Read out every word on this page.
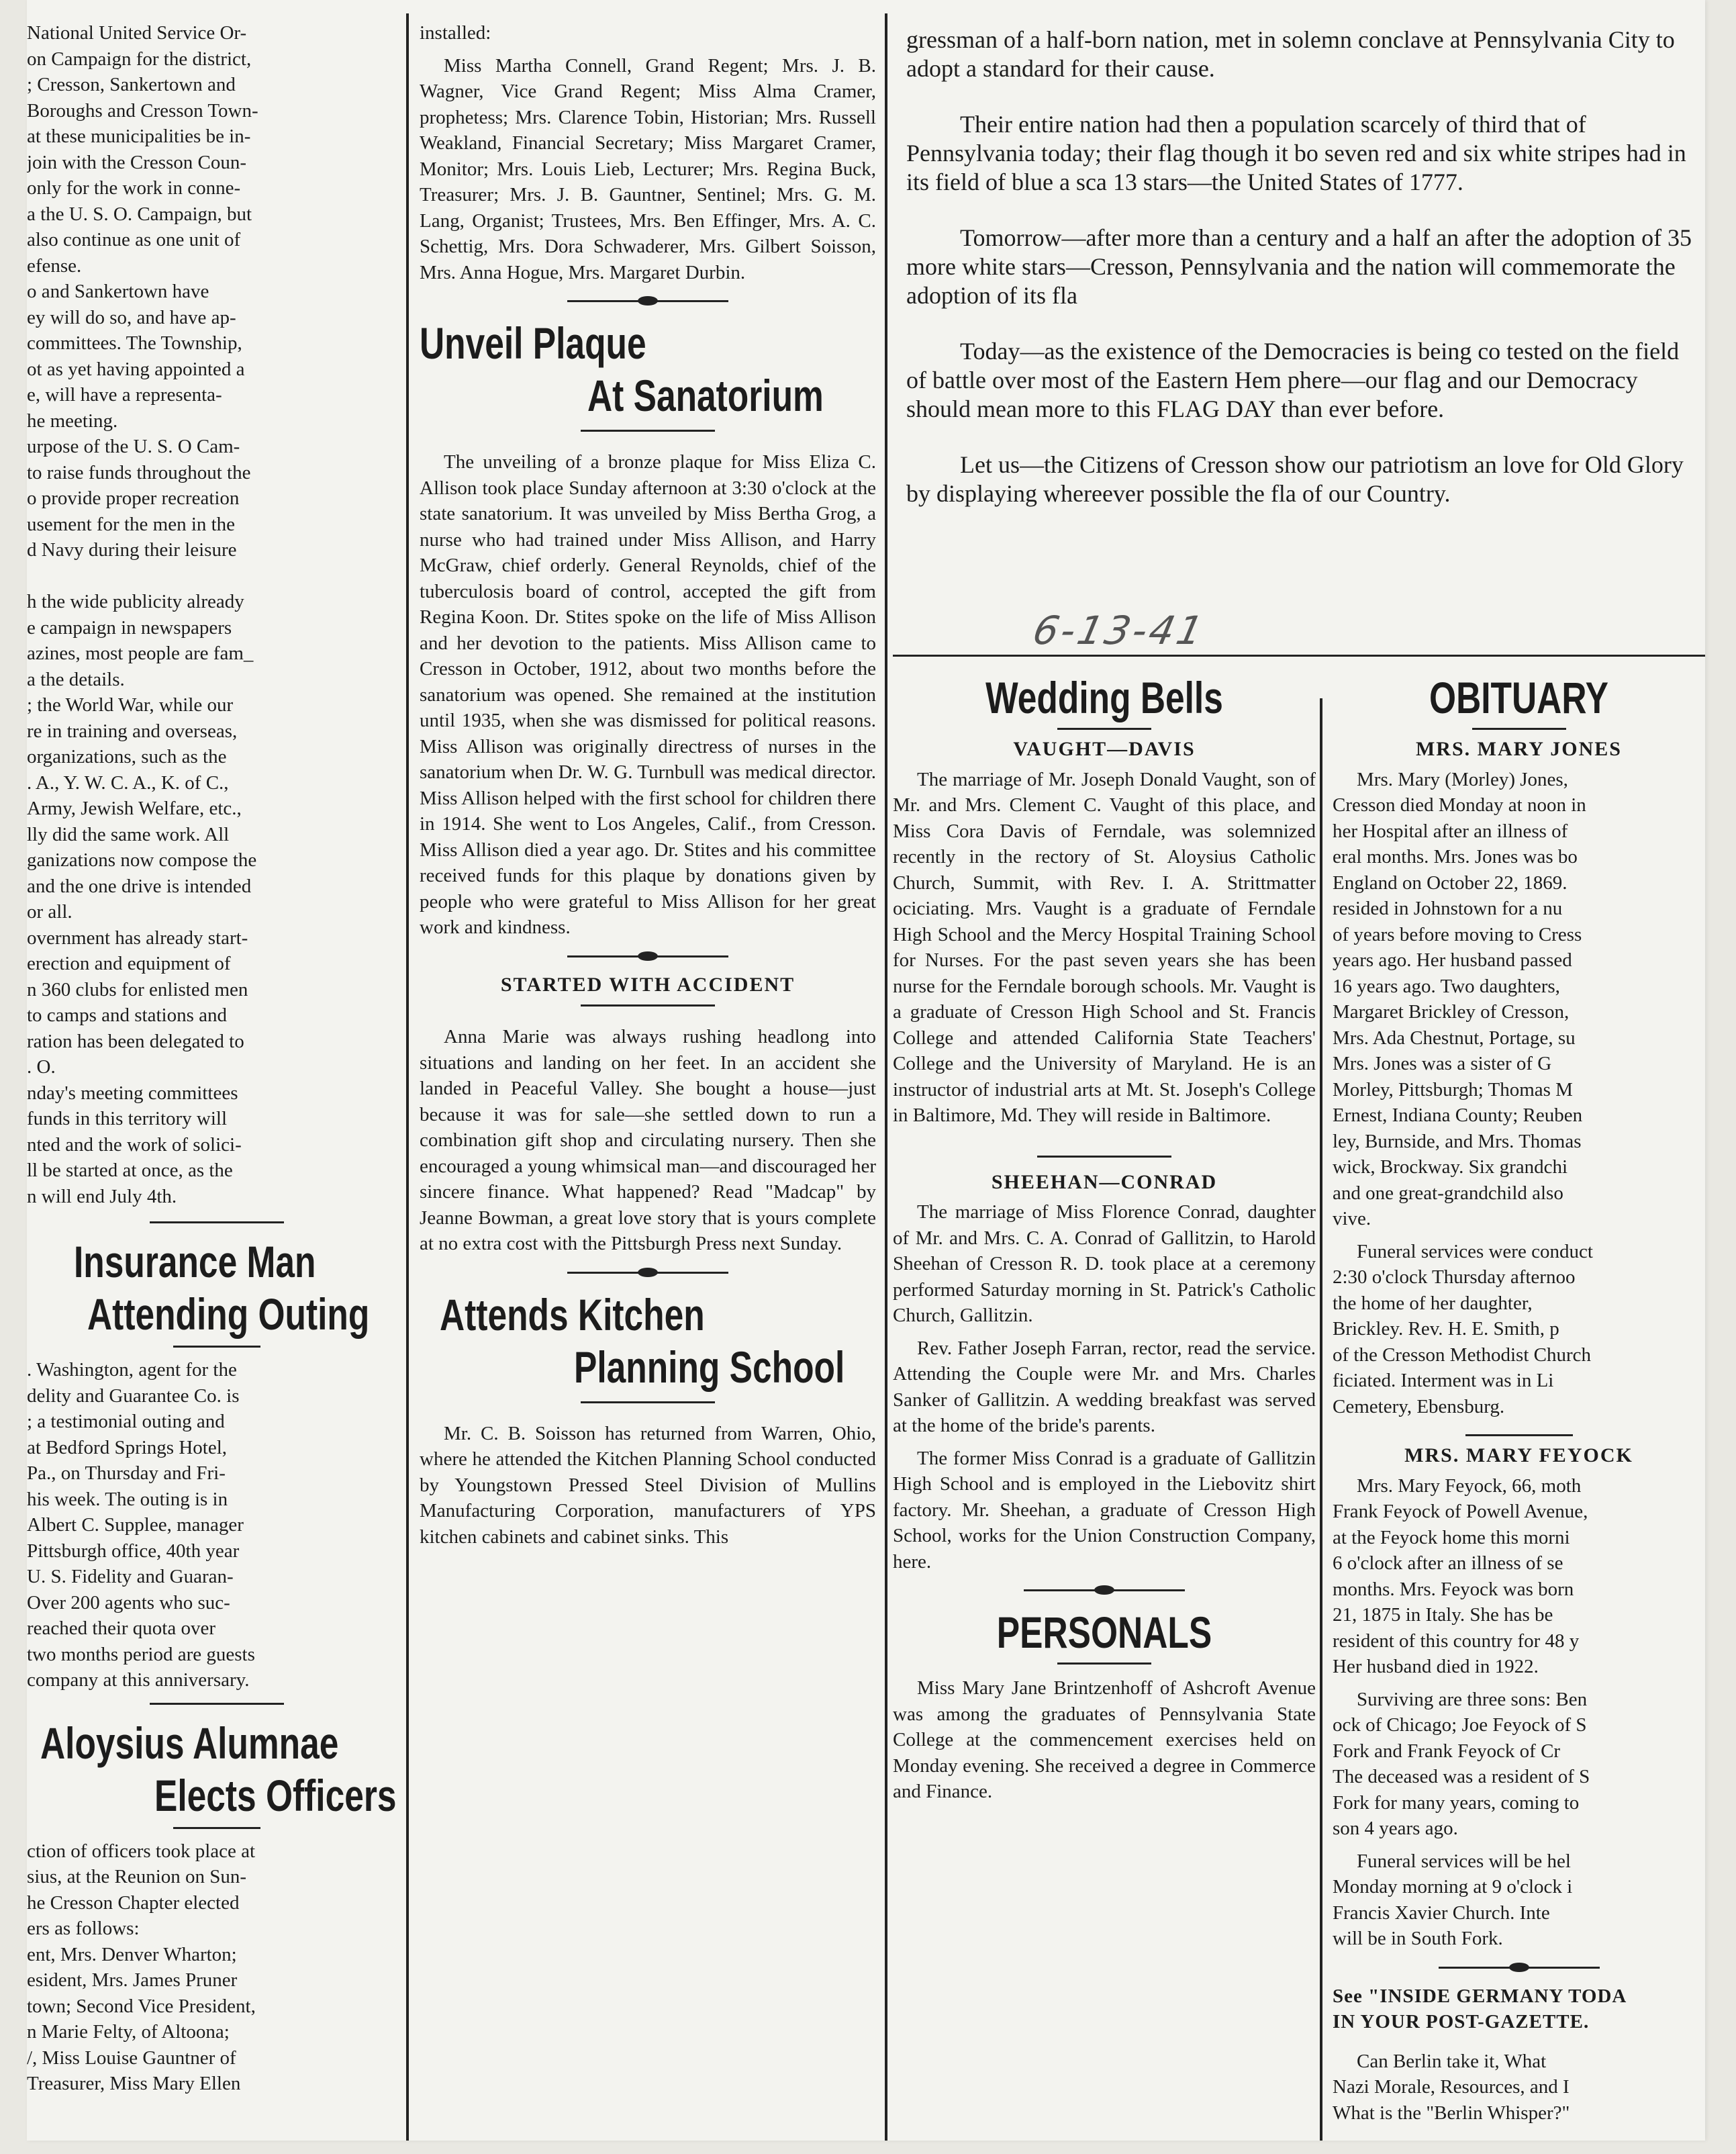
National United Service Or-
on Campaign for the district,
; Cresson, Sankertown and
Boroughs and Cresson Town-
at these municipalities be in-
join with the Cresson Coun-
only for the work in conne-
a the U. S. O. Campaign, but
also continue as one unit of
efense.
o and Sankertown have
ey will do so, and have ap-
committees. The Township,
ot as yet having appointed a
e, will have a representa-
he meeting.
urpose of the U. S. O Cam-
to raise funds throughout the
o provide proper recreation
usement for the men in the
d Navy during their leisure
h the wide publicity already
e campaign in newspapers
azines, most people are fam_
a the details.
; the World War, while our
re in training and overseas,
organizations, such as the
. A., Y. W. C. A., K. of C.,
Army, Jewish Welfare, etc.,
lly did the same work. All
ganizations now compose the
and the one drive is intended
or all.
overnment has already start-
erection and equipment of
n 360 clubs for enlisted men
to camps and stations and
ration has been delegated to
. O.
nday's meeting committees
funds in this territory will
nted and the work of solici-
ll be started at once, as the
n will end July 4th.
Insurance Man
Attending Outing
. Washington, agent for the
delity and Guarantee Co. is
; a testimonial outing and
at Bedford Springs Hotel,
Pa., on Thursday and Fri-
his week. The outing is in
Albert C. Supplee, manager
Pittsburgh office, 40th year
U. S. Fidelity and Guaran-
Over 200 agents who suc-
reached their quota over
two months period are guests
company at this anniversary.
Aloysius Alumnae
Elects Officers
ction of officers took place at
sius, at the Reunion on Sun-
he Cresson Chapter elected
ers as follows:
ent, Mrs. Denver Wharton;
esident, Mrs. James Pruner
town; Second Vice President,
n Marie Felty, of Altoona;
/, Miss Louise Gauntner of
Treasurer, Miss Mary Ellen

installed:

Miss Martha Connell, Grand Regent; Mrs. J. B. Wagner, Vice Grand Regent; Miss Alma Cramer, prophetess; Mrs. Clarence Tobin, Historian; Mrs. Russell Weakland, Financial Secretary; Miss Margaret Cramer, Monitor; Mrs. Louis Lieb, Lecturer; Mrs. Regina Buck, Treasurer; Mrs. J. B. Gauntner, Sentinel; Mrs. G. M. Lang, Organist; Trustees, Mrs. Ben Effinger, Mrs. A. C. Schettig, Mrs. Dora Schwaderer, Mrs. Gilbert Soisson, Mrs. Anna Hogue, Mrs. Margaret Durbin.

Unveil Plaque
At Sanatorium

The unveiling of a bronze plaque for Miss Eliza C. Allison took place Sunday afternoon at 3:30 o'clock at the state sanatorium. It was unveiled by Miss Bertha Grog, a nurse who had trained under Miss Allison, and Harry McGraw, chief orderly. General Reynolds, chief of the tuberculosis board of control, accepted the gift from Regina Koon. Dr. Stites spoke on the life of Miss Allison and her devotion to the patients. Miss Allison came to Cresson in October, 1912, about two months before the sanatorium was opened. She remained at the institution until 1935, when she was dismissed for political reasons. Miss Allison was originally directress of nurses in the sanatorium when Dr. W. G. Turnbull was medical director. Miss Allison helped with the first school for children there in 1914. She went to Los Angeles, Calif., from Cresson. Miss Allison died a year ago. Dr. Stites and his committee received funds for this plaque by donations given by people who were grateful to Miss Allison for her great work and kindness.

STARTED WITH ACCIDENT

Anna Marie was always rushing headlong into situations and landing on her feet. In an accident she landed in Peaceful Valley. She bought a house—just because it was for sale—she settled down to run a combination gift shop and circulating nursery. Then she encouraged a young whimsical man—and discouraged her sincere finance. What happened? Read "Madcap" by Jeanne Bowman, a great love story that is yours complete at no extra cost with the Pittsburgh Press next Sunday.

Attends Kitchen
Planning School

Mr. C. B. Soisson has returned from Warren, Ohio, where he attended the Kitchen Planning School conducted by Youngstown Pressed Steel Division of Mullins Manufacturing Corporation, manufacturers of YPS kitchen cabinets and cabinet sinks. This

gressman of a half-born nation, met in solemn conclave at Pennsylvania City to adopt a standard for their cause.

Their entire nation had then a population scarcely of third that of Pennsylvania today; their flag though it bo seven red and six white stripes had in its field of blue a sca 13 stars—the United States of 1777.

Tomorrow—after more than a century and a half an after the adoption of 35 more white stars—Cresson, Pennsylvania and the nation will commemorate the adoption of its fla

Today—as the existence of the Democracies is being co tested on the field of battle over most of the Eastern Hem phere—our flag and our Democracy should mean more to this FLAG DAY than ever before.

Let us—the Citizens of Cresson show our patriotism an love for Old Glory by displaying whereever possible the fla of our Country.

6-13-41
Wedding Bells
VAUGHT—DAVIS

The marriage of Mr. Joseph Donald Vaught, son of Mr. and Mrs. Clement C. Vaught of this place, and Miss Cora Davis of Ferndale, was solemnized recently in the rectory of St. Aloysius Catholic Church, Summit, with Rev. I. A. Strittmatter ociciating. Mrs. Vaught is a graduate of Ferndale High School and the Mercy Hospital Training School for Nurses. For the past seven years she has been nurse for the Ferndale borough schools. Mr. Vaught is a graduate of Cresson High School and St. Francis College and attended California State Teachers' College and the University of Maryland. He is an instructor of industrial arts at Mt. St. Joseph's College in Baltimore, Md. They will reside in Baltimore.

SHEEHAN—CONRAD

The marriage of Miss Florence Conrad, daughter of Mr. and Mrs. C. A. Conrad of Gallitzin, to Harold Sheehan of Cresson R. D. took place at a ceremony performed Saturday morning in St. Patrick's Catholic Church, Gallitzin.

Rev. Father Joseph Farran, rector, read the service. Attending the Couple were Mr. and Mrs. Charles Sanker of Gallitzin. A wedding breakfast was served at the home of the bride's parents.

The former Miss Conrad is a graduate of Gallitzin High School and is employed in the Liebovitz shirt factory. Mr. Sheehan, a graduate of Cresson High School, works for the Union Construction Company, here.

PERSONALS

Miss Mary Jane Brintzenhoff of Ashcroft Avenue was among the graduates of Pennsylvania State College at the commencement exercises held on Monday evening. She received a degree in Commerce and Finance.

OBITUARY
MRS. MARY JONES
Mrs. Mary (Morley) Jones,
Cresson died Monday at noon in
her Hospital after an illness of
eral months. Mrs. Jones was bo
England on October 22, 1869.
resided in Johnstown for a nu
of years before moving to Cress
years ago. Her husband passed
16 years ago. Two daughters,
Margaret Brickley of Cresson,
Mrs. Ada Chestnut, Portage, su
Mrs. Jones was a sister of G
Morley, Pittsburgh; Thomas M
Ernest, Indiana County; Reuben
ley, Burnside, and Mrs. Thomas
wick, Brockway. Six grandchi
and one great-grandchild also
vive.
Funeral services were conduct
2:30 o'clock Thursday afternoo
the home of her daughter,
Brickley. Rev. H. E. Smith, p
of the Cresson Methodist Church
ficiated. Interment was in Li
Cemetery, Ebensburg.
MRS. MARY FEYOCK
Mrs. Mary Feyock, 66, moth
Frank Feyock of Powell Avenue,
at the Feyock home this morni
6 o'clock after an illness of se
months. Mrs. Feyock was born
21, 1875 in Italy. She has be
resident of this country for 48 y
Her husband died in 1922.
Surviving are three sons: Ben
ock of Chicago; Joe Feyock of S
Fork and Frank Feyock of Cr
The deceased was a resident of S
Fork for many years, coming to
son 4 years ago.
Funeral services will be hel
Monday morning at 9 o'clock i
Francis Xavier Church. Inte
will be in South Fork.
See "INSIDE GERMANY TODA
IN YOUR POST-GAZETTE.
Can Berlin take it, What
Nazi Morale, Resources, and I
What is the "Berlin Whisper?"
